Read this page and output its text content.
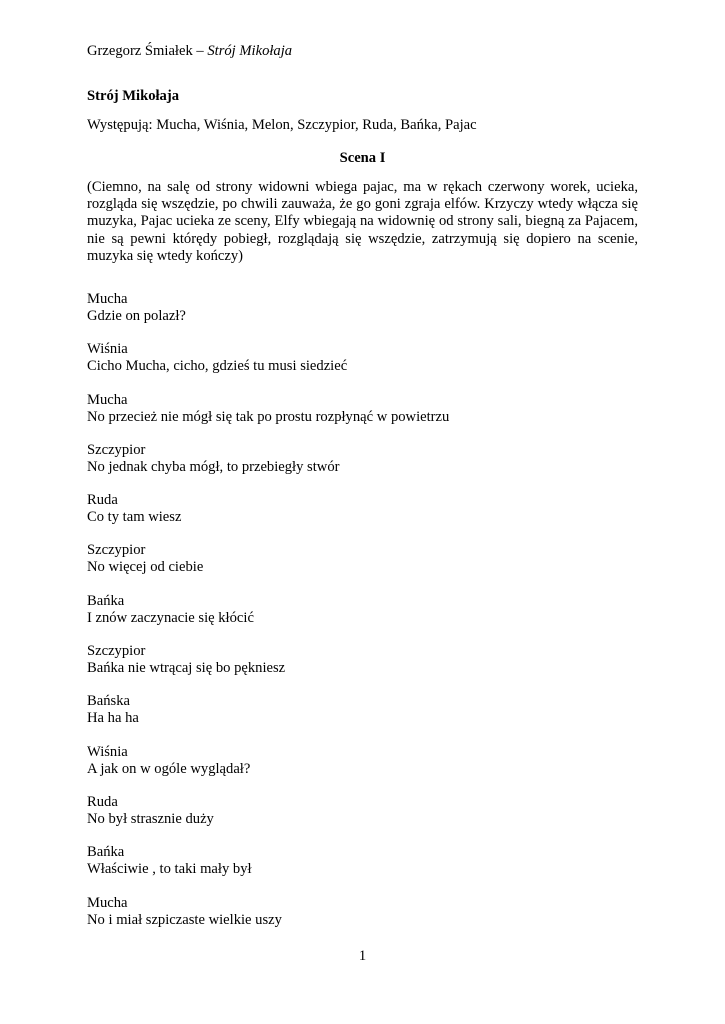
Grzegorz Śmiałek – Strój Mikołaja
Strój Mikołaja
Występują: Mucha, Wiśnia, Melon, Szczypior, Ruda, Bańka, Pajac
Scena I
(Ciemno, na salę od strony widowni wbiega pajac, ma w rękach czerwony worek, ucieka, rozgląda się wszędzie, po chwili zauważa, że go goni zgraja elfów. Krzyczy wtedy włącza się muzyka, Pajac ucieka ze sceny, Elfy wbiegają na widownię od strony sali, biegną za Pajacem, nie są pewni którędy pobiegł, rozglądają się wszędzie, zatrzymują się dopiero na scenie, muzyka się wtedy kończy)
Mucha
Gdzie on polazł?
Wiśnia
Cicho Mucha, cicho, gdzieś tu musi siedzieć
Mucha
No przecież nie mógł się tak po prostu rozpłynąć w powietrzu
Szczypior
No jednak chyba mógł, to przebiegły stwór
Ruda
Co ty tam wiesz
Szczypior
No więcej od ciebie
Bańka
I znów zaczynacie się kłócić
Szczypior
Bańka nie wtrącaj się bo pękniesz
Bańska
Ha ha ha
Wiśnia
A jak on w ogóle wyglądał?
Ruda
No był strasznie duży
Bańka
Właściwie , to taki mały był
Mucha
No i miał szpiczaste wielkie uszy
1
